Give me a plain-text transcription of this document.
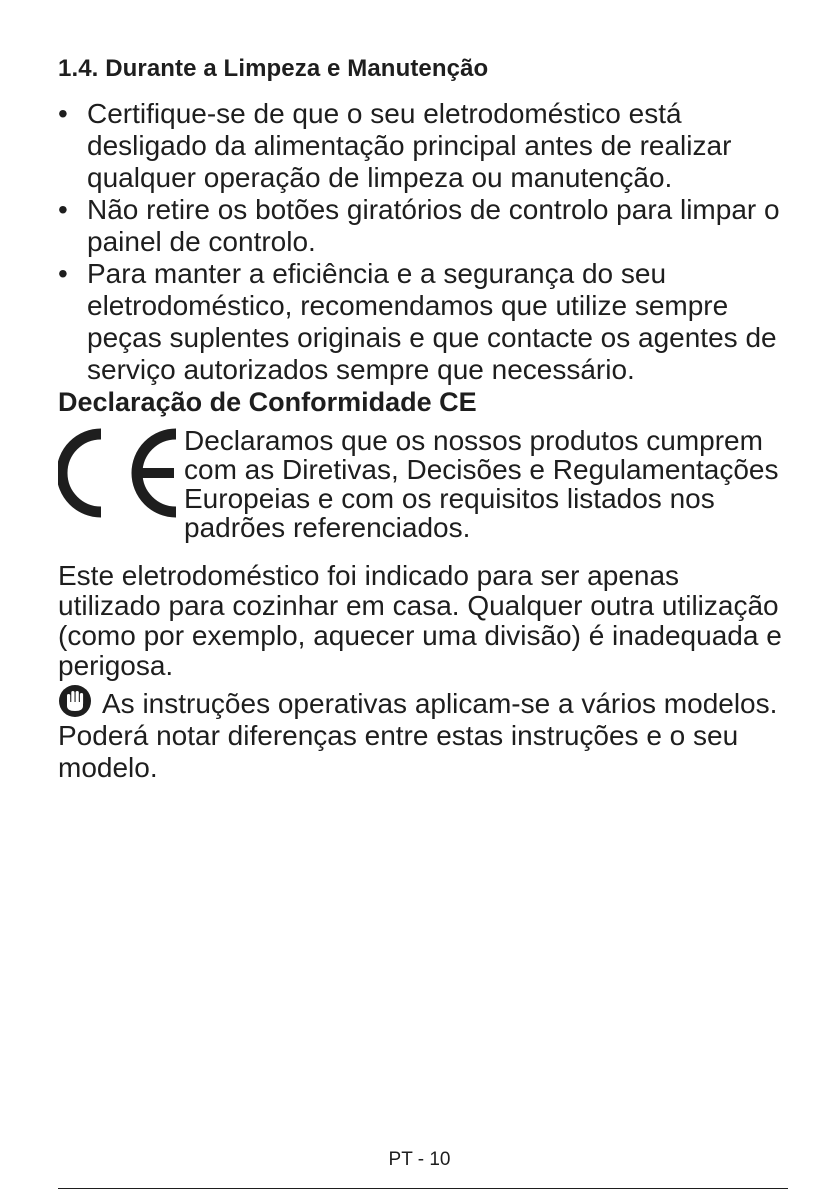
1.4. Durante a Limpeza e Manutenção
• Certifique-se de que o seu eletrodoméstico está desligado da alimentação principal antes de realizar qualquer operação de limpeza ou manutenção.
• Não retire os botões giratórios de controlo para limpar o painel de controlo.
• Para manter a eficiência e a segurança do seu eletrodoméstico, recomendamos que utilize sempre peças suplentes originais e que contacte os agentes de serviço autorizados sempre que necessário.
Declaração de Conformidade CE
Declaramos que os nossos produtos cumprem com as Diretivas, Decisões e Regulamentações Europeias e com os requisitos listados nos padrões referenciados.

Este eletrodoméstico foi indicado para ser apenas utilizado para cozinhar em casa. Qualquer outra utilização (como por exemplo, aquecer uma divisão) é inadequada e perigosa.

As instruções operativas aplicam-se a vários modelos. Poderá notar diferenças entre estas instruções e o seu modelo.

PT - 10
